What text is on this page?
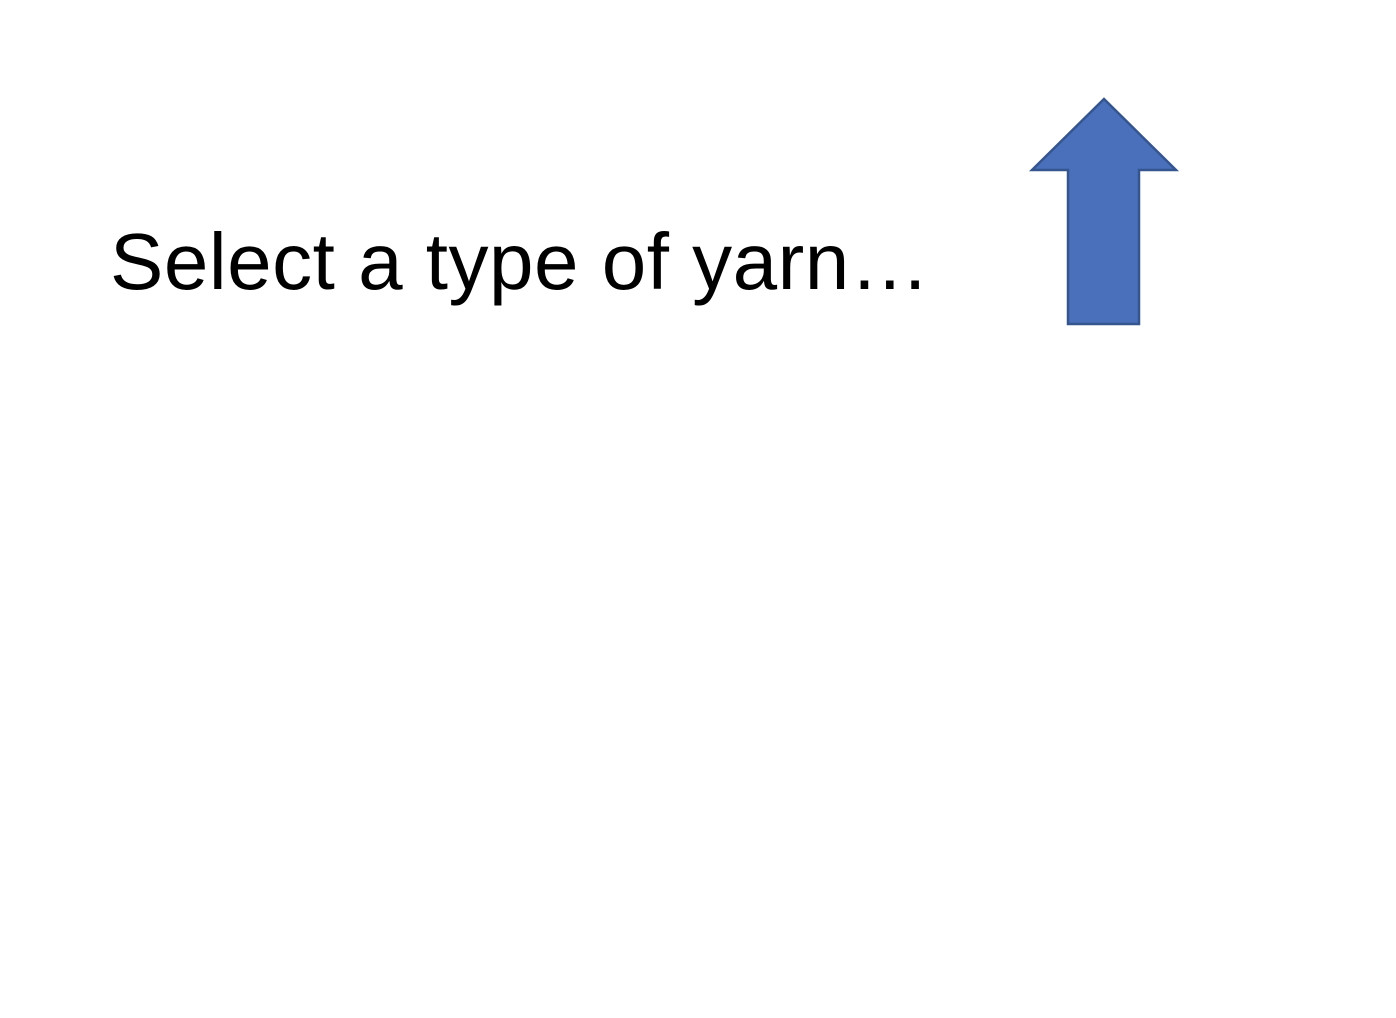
Select a type of yarn…
